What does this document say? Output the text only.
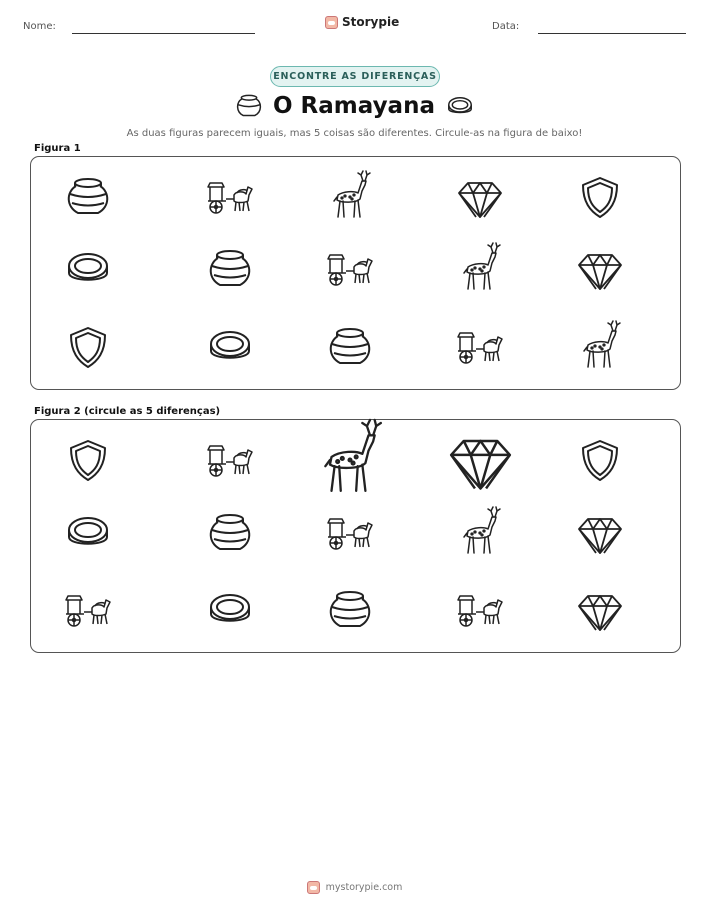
Nome:	Storypie	Data:
ENCONTRE AS DIFERENÇAS
O Ramayana
As duas figuras parecem iguais, mas 5 coisas são diferentes. Circule-as na figura de baixo!
Figura 1
Figura 2 (circule as 5 diferenças)
mystorypie.com
